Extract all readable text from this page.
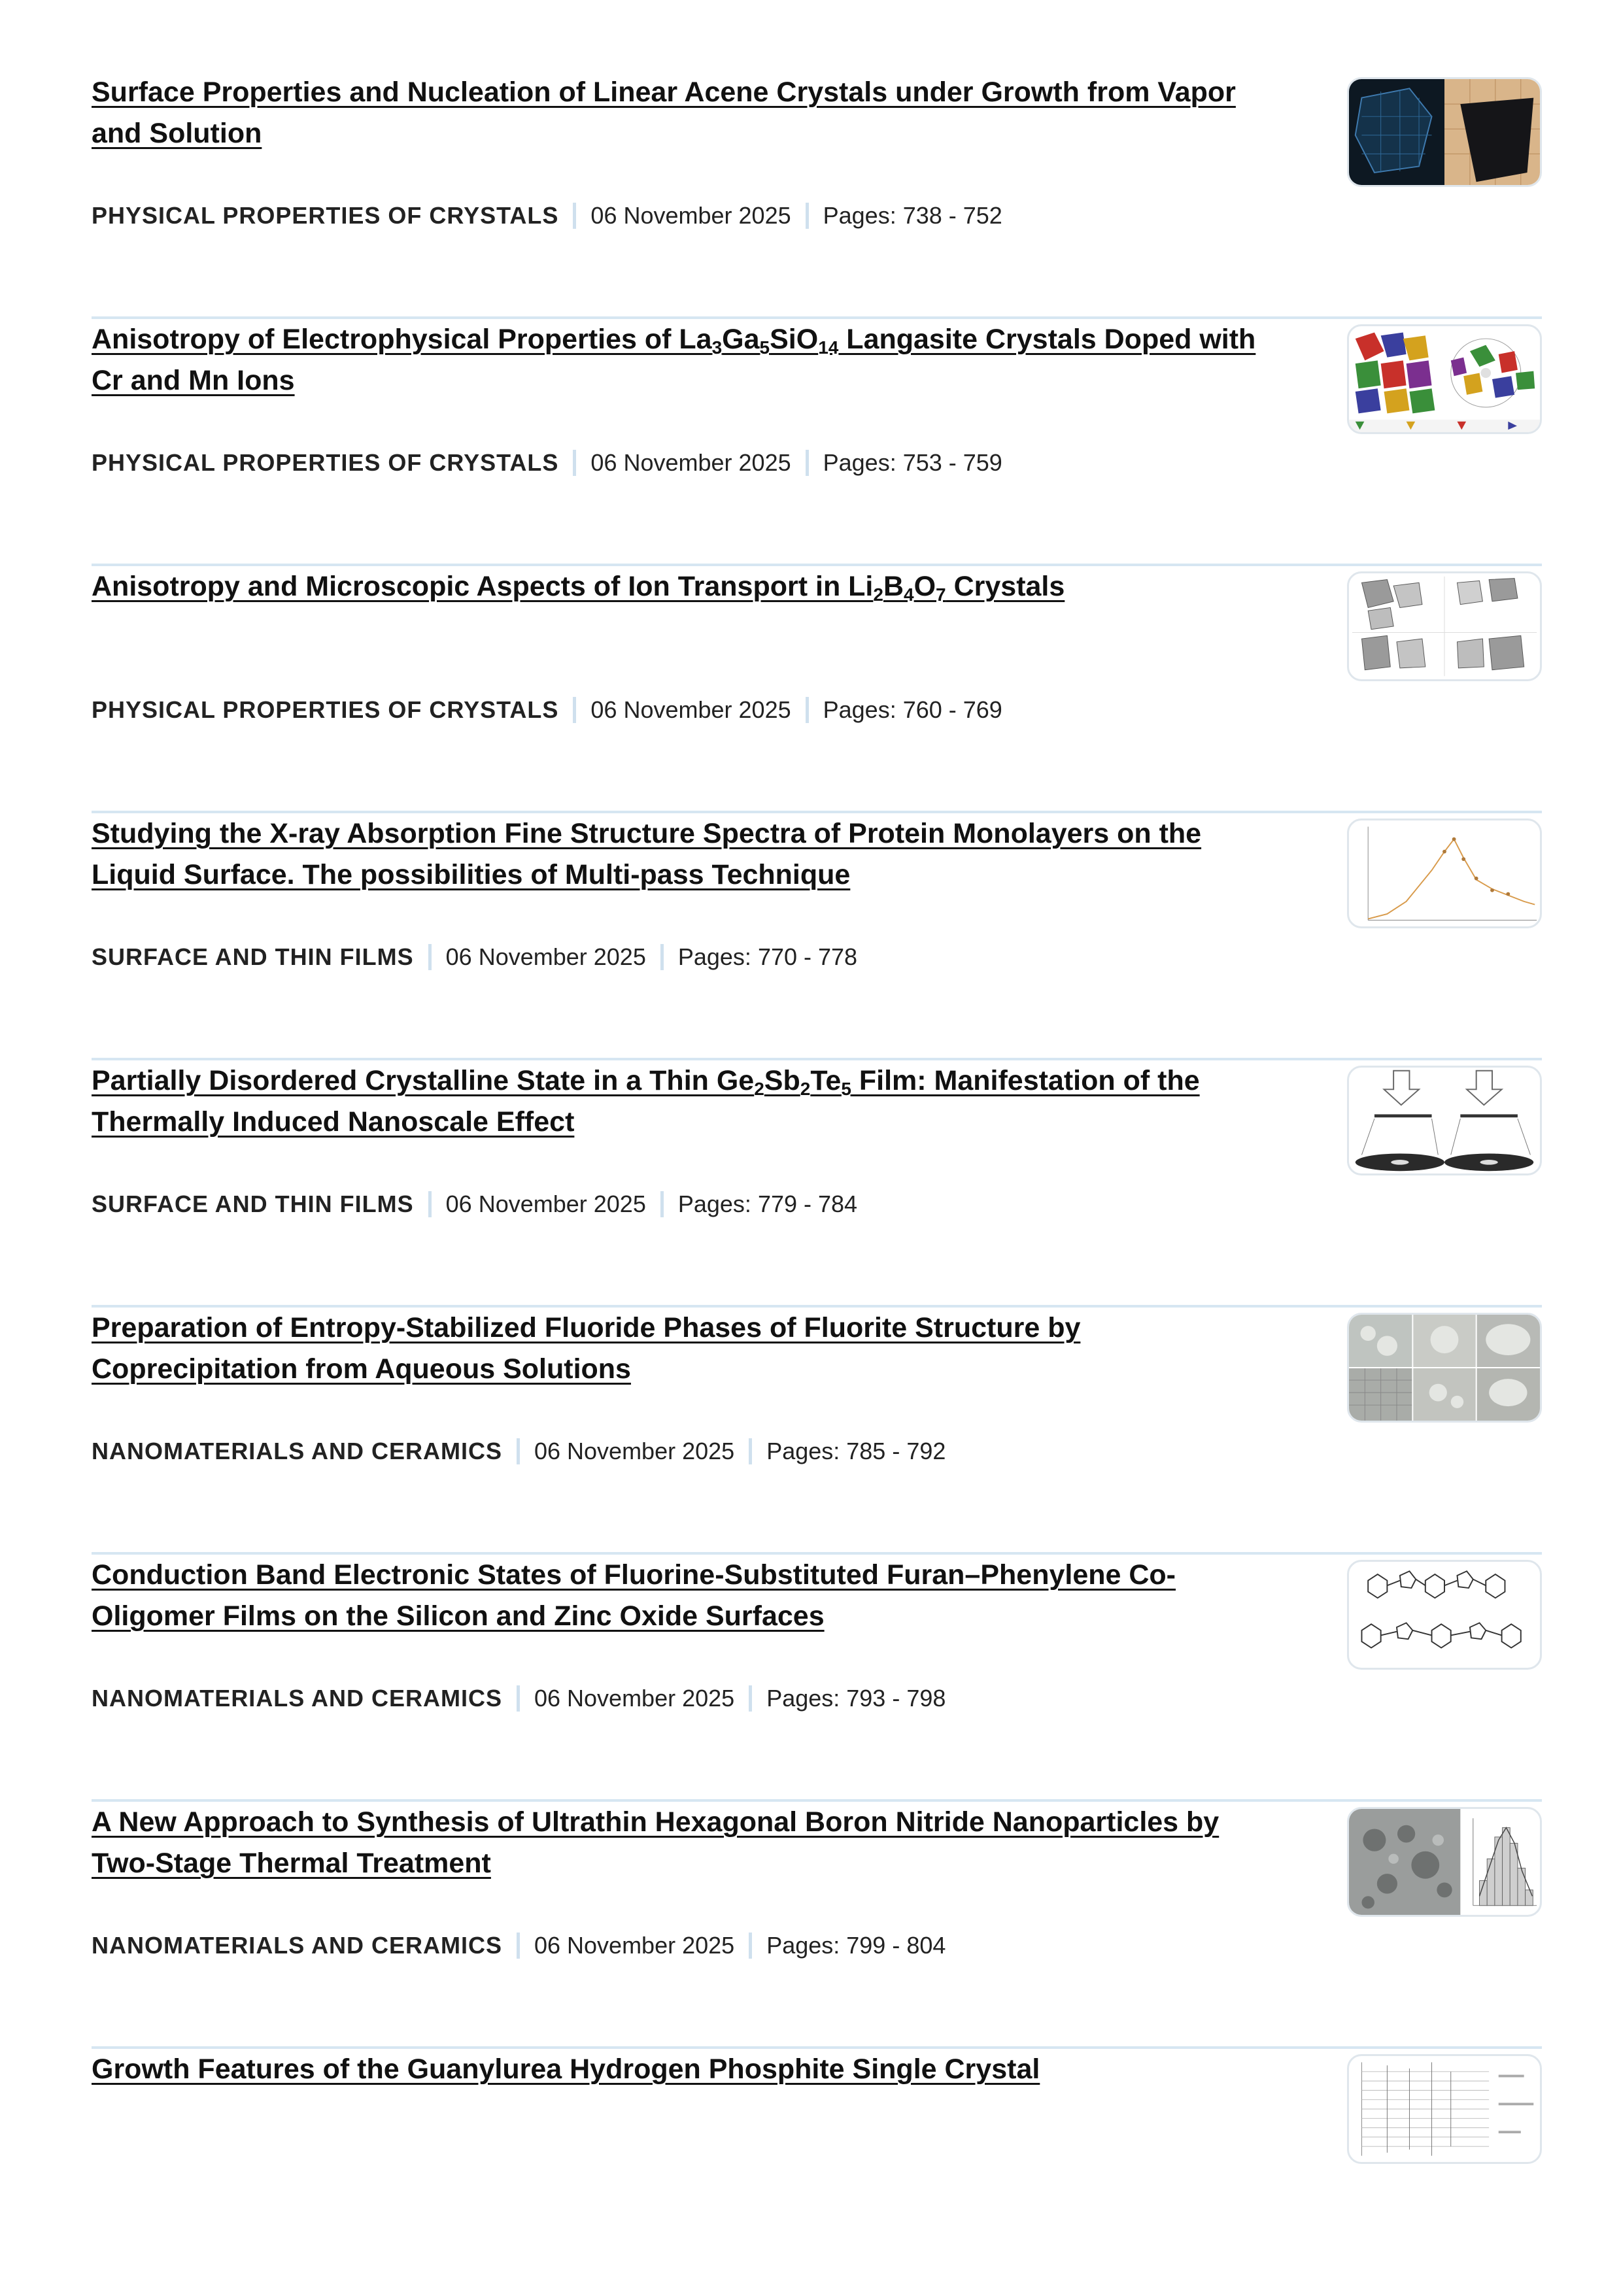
Surface Properties and Nucleation of Linear Acene Crystals under Growth from Vapor and Solution
PHYSICAL PROPERTIES OF CRYSTALS 06 November 2025 Pages: 738 - 752
Anisotropy of Electrophysical Properties of $La_3Ga_5SiO_{14}$ Langasite Crystals Doped with Cr and Mn Ions
PHYSICAL PROPERTIES OF CRYSTALS 06 November 2025 Pages: 753 - 759
Anisotropy and Microscopic Aspects of Ion Transport in $Li_2B_4O_7$ Crystals
PHYSICAL PROPERTIES OF CRYSTALS 06 November 2025 Pages: 760 - 769
Studying the X-ray Absorption Fine Structure Spectra of Protein Monolayers on the Liquid Surface. The possibilities of Multi-pass Technique
SURFACE AND THIN FILMS 06 November 2025 Pages: 770 - 778
Partially Disordered Crystalline State in a Thin $Ge_2Sb_2Te_5$ Film: Manifestation of the Thermally Induced Nanoscale Effect
SURFACE AND THIN FILMS 06 November 2025 Pages: 779 - 784
Preparation of Entropy-Stabilized Fluoride Phases of Fluorite Structure by Coprecipitation from Aqueous Solutions
NANOMATERIALS AND CERAMICS 06 November 2025 Pages: 785 - 792
Conduction Band Electronic States of Fluorine-Substituted Furan–Phenylene Co-Oligomer Films on the Silicon and Zinc Oxide Surfaces
NANOMATERIALS AND CERAMICS 06 November 2025 Pages: 793 - 798
A New Approach to Synthesis of Ultrathin Hexagonal Boron Nitride Nanoparticles by Two-Stage Thermal Treatment
NANOMATERIALS AND CERAMICS 06 November 2025 Pages: 799 - 804
Growth Features of the Guanylurea Hydrogen Phosphite Single Crystal
